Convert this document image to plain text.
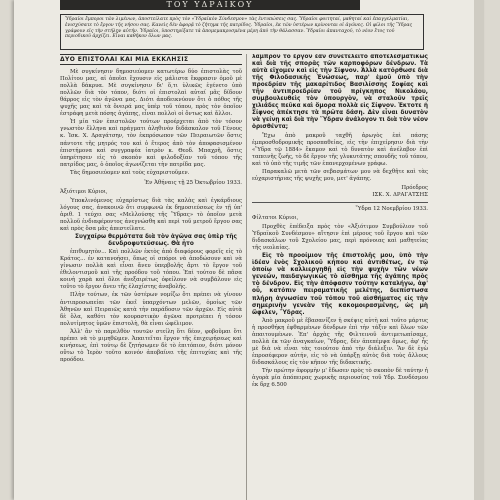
ΤΟΥ ΥΔΡΑΙΚΟΥ
Ὑδραῖοι ἔμποροι τῶν λιμένων, ἀποστείλατε πρὸς τὸν «Ὑδραϊκὸν Σύνδεσμον» τὰς ἐντυπώσεις σας. Ὑδραῖοι φοιτηταί, μαθηταί καὶ ἐπαγγελματίαι, ἐνισχύσατε τὸ ἔργον τῆς νήσου σας. Κανεὶς δὲν ἀφορᾷ τὸ ζήτημα τῆς πατρίδος. Ὑδραῖοι, ἐκ τῶν ὑστέρων κρίνονται οἱ ἀγῶνες. Οἱ φίλοι τῆς Ὕδρας γράφουν εἰς τὴν στήλην αὐτήν. Ὑδραῖοι, ὑποστηρίξατε τὰ ἀπομεμακρυσμένα μέρη ἀπὸ τὴν θάλασσαν. Ὑδραῖοι ἀπανταχοῦ, τὸ νέον ἔτος τοῦ περιοδικοῦ ἀρχίζει. Εἶναι καθῆκον ὅλων μας.
ΔΥΟ ΕΠΙΣΤΟΛΑΙ ΚΑΙ ΜΙΑ ΕΚΚΛΗΣΙΣ

Μὲ συγκίνησιν δημοσιεύομεν κατωτέρω δύο ἐπιστολὰς τοῦ Πολίτου μας, αἱ ὁποῖαι ἔχουσιν εἰς μάλιστα ἔκφρασιν ὁμοῦ μὲ πολλὰ δάκρυα. Μὲ συγκίνησιν δι' ὅ,τι ὑλικῶς ἐγένετο ὑπὸ πολλῶν διὰ τὸν τόπον, διότι οἱ ἐπιστολαὶ αὐταί μᾶς δίδουν θάρρος εἰς τὸν ἀγῶνα μας. Διότι ἀποδεικνύουν ὅτι ὁ πόθος τῆς ψυχῆς μας καὶ τὰ ὄνειρά μας ὑπὲρ τοῦ τόπου, πρὸς τὸν ὁποῖον ἐστράφη μετὰ πόσης ἀγάπης, εἶναι πολλοὶ οἱ ὄντως καὶ ἄλλοι.

Ἡ μία τῶν ἐπιστολῶν τούτων προέρχεται ἀπὸ τὸν τόσον γνωστὸν ἔλληνα καὶ πράγματι ἀληθινὸν διδάσκαλον τοῦ Γένους κ. Ἰσκ. Χ. Δραγάτσην, τὸν ἐκπρόσωπον τῶν Πειραιωτῶν ὅστις πάντοτε τῆς μητρός του καὶ ὁ ἕτερος ἀπὸ τὸν ἀποφασισμένον ἐπιστήμονα καὶ συγγραφέα ἰατρὸν κ. Θεοδ. Μπαχρῆ, ὅστις ὑπηρέτησεν εἰς τὸ σκοπὸν καὶ φιλοδοξίαν τοῦ τόπου τῆς πατρίδος μας, ὁ ὁποῖος ἀγωνίζεται τὴν πατρίδα μας.

Τὰς δημοσιεύομεν καὶ τοὺς εὐχαριστοῦμεν.

Ἐν Ἀθήναις τῇ 25 Ὀκτωβρίου 1933.
Ἀξιότιμοι Κύριοι,

Ὑποκλινόμενος εὐχαρίστως διὰ τὰς καλὰς καὶ ἐγκάρδιους λόγους σας, ἀνακοινῶ ὅτι συμφωνῶ ἐκ δημοσιεύσεως ἐν τῇ ὑπ' ἀριθ. 1 τεύχει σας «Μελλούσης τῆς Ὕδρας» τὸ ὁποῖον μετὰ πολλοῦ ἐνδιαφέροντος ἀνεγνώσθη καὶ περὶ τοῦ μετροῦ ἔργου σας καὶ πρὸς ὅσα μᾶς ἀπεστείλατε.

Συγχαίρω θερμότατα διὰ τὸν ἀγῶνα σας ὑπὲρ τῆς δενδροφυτεύσεως. Θὰ ἦτο

ἐπιθυμητὸν... Καὶ πολλῶν ἐκτὸς ἀπὸ διαφόρους φορεῖς εἰς τὸ Κράτος... ἐν κατανοήσει, ὅπως οἱ σπόροι νὰ ἀποδώσουν καὶ νὰ γίνωσιν πολλὰ καὶ εἶναι ἄνευ ὑπερβολῆς ἄρτι τὸ ἔργον τοῦ ἐθελοντισμοῦ καὶ τῆς προόδου τοῦ τόπου. Ἐπὶ τούτου δὲ πᾶσα κοινὴ χαρὰ καὶ ὅλοι ἀνεξαιρέτως ὀφείλουν νὰ συμβάλουν εἰς τοῦτο τὸ ἔργον ἄνευ τῆς ἐλαχίστης ἀναβολῆς.

Πλὴν τούτων, ἐκ τῶν ὑστέρων νομίζω ὅτι πρέπει νὰ γίνουν ἀντιπροσωπείαι τῶν ἐκεῖ ὑπαρχόντων μελῶν, ὁμοίως τῶν Ἀθηνῶν καὶ Πειραιῶς κατὰ τὴν παράδοσιν τῶν ἀρχῶν. Εἰς αὐτὰ δὲ ὅλα, καθότι τὸν κουραστικὸν ἀγῶνα προτρέπει ἡ τόσον πολυτίμητος ὑμῶν ἐπιστολὴ, θὰ εἶναι ὠφέλιμον.

Ἀλλ' ἂν τὸ παρελθὸν τουτῶν στείλη ὅτι δέον, φοβοῦμαι ὅτι πρέπει νὰ τὸ μιμηθῶμεν. Ἀπαιτεῖται ἔργον τῆς ἐπιχειρήσεως καὶ κινήσεως, ἐπὶ τούτῳ δὲ ζητήσωμεν δὲ τὸ ἐπιτόπιον, διότι μόνον οὕτω τὸ Ἱερὸν τοῦτο κοινόν ἀποβαίνει τῆς ἐπιτυχίας καὶ τῆς προόδου.

λαμπρὸν τὸ ἔργον ἐὰν συνετελεῖτο ἀποτελεσματικῶς καὶ διὰ τῆς σπορᾶς τῶν καρποφόρων δένδρων. Τὰ αὐτὰ εἴχομεν καὶ εἰς τὴν Σίφνον. Ἀλλὰ κατόρθωσε διὰ τῆς Φιλοδασικῆς Ἑνώσεως, παρ' ἐμοῦ ὑπὸ τὴν προεδρίαν τῆς μακαρίτιδος Βασιλίσσης Σοφίας καὶ τῆν ἀντιπροεδρίαν τοῦ πρίγκηπος Νικολάου, συμβουλευθεὶς τὸν ὑπουργὸν, νὰ σταλοῦν τρεῖς χιλιάδες πεῦκα καὶ ὅμορα πολλὰ εἰς Σίφνον. Ἐκτοτε ἡ Σίφνος ἀπέκτησε τὰ πρῶτα δάση. Δὲν εἶναι δυνατὸν νὰ γείνῃ καὶ διὰ τὴν Ὕδραν ἀνάλογον τι διὰ τὸν νέον ὁρισθέντα;

Ἔχω ἀπὸ μακροῦ ταχθῆ ἀρωγὸς ἐπὶ πάσης ἐμπροσθοδρομικῆς προσπαθείας, εἰς τὴν ἐπιχείρησιν διὰ τὴν «Ὕδρα τῷ 1884» ἔκαμον καὶ τὸ δυνατὸν καὶ ἀνέλαβον ἐπὶ ταπεινῆς ζωῆς, τὸ δὲ ἔργον τῆς γλυκυτάτης σπουδῆς τοῦ τόπου, καὶ τὸ ὑπὸ τῆς τιμῆς τῶν ἐπανερχομένων γράφω.

Παρακαλῶ μετὰ τῶν σεβασμάτων μου νὰ δεχθῆτε καὶ τὰς εὐχαριστήριας τῆς ψυχῆς μου, μετ' ἀγάπης.

Πρόεδρος
ΙΣΚ. Χ. ΔΡΑΓΑΤΣΗΣ
Ὕδρα 12 Νοεμβρίου 1933.
Φίλτατοι Κύριοι,

Προχθὲς ἐπέδειξα πρὸς τὸν «Ἀξιότιμον Συμβούλιον τοῦ Ὑδραϊκοῦ Συνδέσμου» αἴτησιν ἐπὶ μέρους τοῦ ἔργου καὶ τῶν διδασκάλων τοῦ Σχολείου μας, περὶ πρόνοιας καὶ μαθητείας τῆς νεολαίας.

Εἰς τὸ προοίμιον τῆς ἐπιστολῆς μου, ὑπὸ τὴν ἰδέαν ἑνὸς Σχολικοῦ κήπου καὶ ἀντιθέτως, ἐν τῷ ὁποίῳ νὰ καλλιεργηθῇ εἰς τὴν ψυχὴν τῶν νέων γενεῶν, παιδαγωγικῶς τὸ αἴσθημα τῆς ἀγάπης πρὸς τὸ δένδρον. Εἰς τὴν ἀπόφασιν τούτην καταλήγω, ἀφ' οὗ, κατόπιν πειραματικῆς μελέτης, διεπίστωσα πλήρη ἀγνωσίαν τοῦ τόπου τοῦ αἰσθήματος εἰς τὴν σημερινὴν γενεὰν τῆς κακομοιρασμένης, ὡς μὴ ὤφελεν, Ὕδρας.

Ἀπὸ μακροῦ μὲ ἔβασανίζεν ἡ σκέψις αὐτὴ καὶ τοῦτο μάρτυς ἡ προσθήκη ἐφθαρμένων δένδρων ἐπὶ τὴν τάξιν καὶ ὅλων τῶν ἀπαιτουμένων. Ἐπ' ἀρχὰς τῆς Φιλτεινοῦ ἀντιμετωπίσαμε, πολλὰ ἐκ τῶν ἀναγκαίων, Ὕδρας, δὲν ἀπεπέμψα ὅμως, ἀφ' ἧς μὲ διὰ νὰ εἶναι τὰς τοιούτου ἀπὸ τὴν διάλεξιν. Ἂν δὲ ἐγὼ ἐπροσέφερον αὐτήν, εἰς τὸ νὰ ὑπάρξῃ αὐτὸς διὰ τοὺς ἄλλους διδασκάλους εἰς τὸν κῆπον τῆς διδακτικῆς.

Τὴν πρώτην ἀφορμὴν μ' ἔδωσεν πρὸς τὸ σκοπὸν δὲ ταύτην ἡ ἀγορὰ μία ἀπόπειρας χωρικῆς περιουσίας τοῦ Υδρ. Συνδέσμου ἐκ δρχ 6.500
